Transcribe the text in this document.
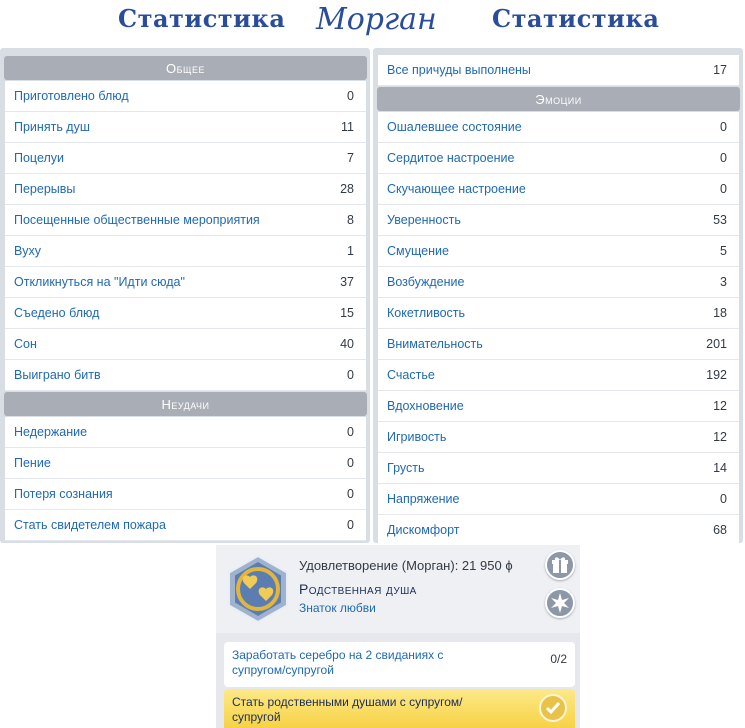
Статистика Морган Статистика
Общее
Приготовлено блюд	0
Принять душ	11
Поцелуи	7
Перерывы	28
Посещенные общественные мероприятия	8
Вуху	1
Откликнуться на "Идти сюда"	37
Съедено блюд	15
Сон	40
Выиграно битв	0
Неудачи
Недержание	0
Пение	0
Потеря сознания	0
Стать свидетелем пожара	0
Все причуды выполнены	17
Эмоции
Ошалевшее состояние	0
Сердитое настроение	0
Скучающее настроение	0
Уверенность	53
Смущение	5
Возбуждение	3
Кокетливость	18
Внимательность	201
Счастье	192
Вдохновение	12
Игривость	12
Грусть	14
Напряжение	0
Дискомфорт	68
Удовлетворение (Морган): 21 950 ϕ
Родственная душа
Знаток любви
Заработать серебро на 2 свиданиях с супругом/супругой
0/2
Стать родственными душами с супругом/супругой
